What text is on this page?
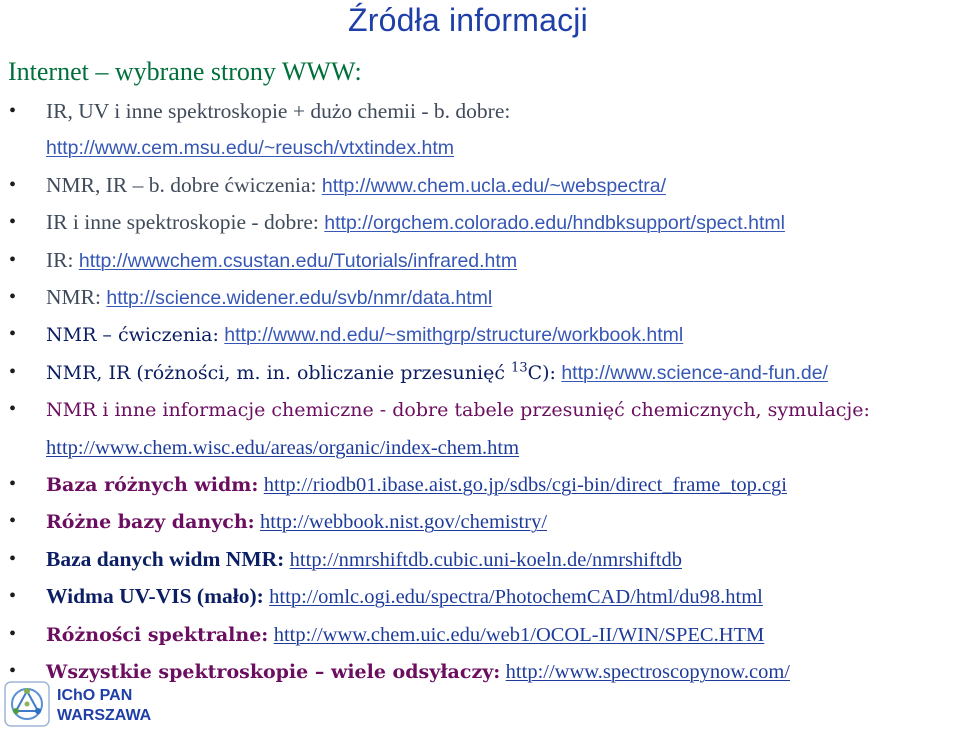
Źródła informacji
Internet – wybrane strony WWW:
• IR, UV i inne spektroskopie + dużo chemii - b. dobre:
http://www.cem.msu.edu/~reusch/vtxtindex.htm
• NMR, IR – b. dobre ćwiczenia: http://www.chem.ucla.edu/~webspectra/
• IR i inne spektroskopie - dobre: http://orgchem.colorado.edu/hndbksupport/spect.html
• IR: http://wwwchem.csustan.edu/Tutorials/infrared.htm
• NMR: http://science.widener.edu/svb/nmr/data.html
• NMR – ćwiczenia: http://www.nd.edu/~smithgrp/structure/workbook.html
• NMR, IR (różności, m. in. obliczanie przesunięć $^{13}$C): http://www.science-and-fun.de/
• NMR i inne informacje chemiczne - dobre tabele przesunięć chemicznych, symulacje:
http://www.chem.wisc.edu/areas/organic/index-chem.htm
• Baza różnych widm: http://riodb01.ibase.aist.go.jp/sdbs/cgi-bin/direct_frame_top.cgi
• Różne bazy danych: http://webbook.nist.gov/chemistry/
• Baza danych widm NMR: http://nmrshiftdb.cubic.uni-koeln.de/nmrshiftdb
• Widma UV-VIS (mało): http://omlc.ogi.edu/spectra/PhotochemCAD/html/du98.html
• Różności spektralne: http://www.chem.uic.edu/web1/OCOL-II/WIN/SPEC.HTM
• Wszystkie spektroskopie – wiele odsyłaczy: http://www.spectroscopynow.com/
IChO PAN
WARSZAWA
